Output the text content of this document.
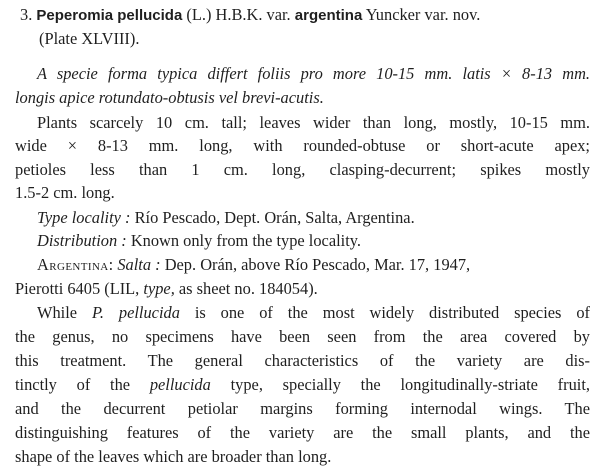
3. Peperomia pellucida (L.) H.B.K. var. argentina Yuncker var. nov.
(Plate XLVIII).
A specie forma typica differt foliis pro more 10-15 mm. latis × 8-13 mm.
longis apice rotundato-obtusis vel brevi-acutis.
Plants scarcely 10 cm. tall; leaves wider than long, mostly, 10-15 mm.
wide × 8-13 mm. long, with rounded-obtuse or short-acute apex;
petioles less than 1 cm. long, clasping-decurrent; spikes mostly
1.5-2 cm. long.
Type locality : Río Pescado, Dept. Orán, Salta, Argentina.
Distribution : Known only from the type locality.
Argentina: Salta : Dep. Orán, above Río Pescado, Mar. 17, 1947,
Pierotti 6405 (LIL, type, as sheet no. 184054).
While P. pellucida is one of the most widely distributed species of
the genus, no specimens have been seen from the area covered by
this treatment. The general characteristics of the variety are dis-
tinctly of the pellucida type, specially the longitudinally-striate fruit,
and the decurrent petiolar margins forming internodal wings. The
distinguishing features of the variety are the small plants, and the
shape of the leaves which are broader than long.
